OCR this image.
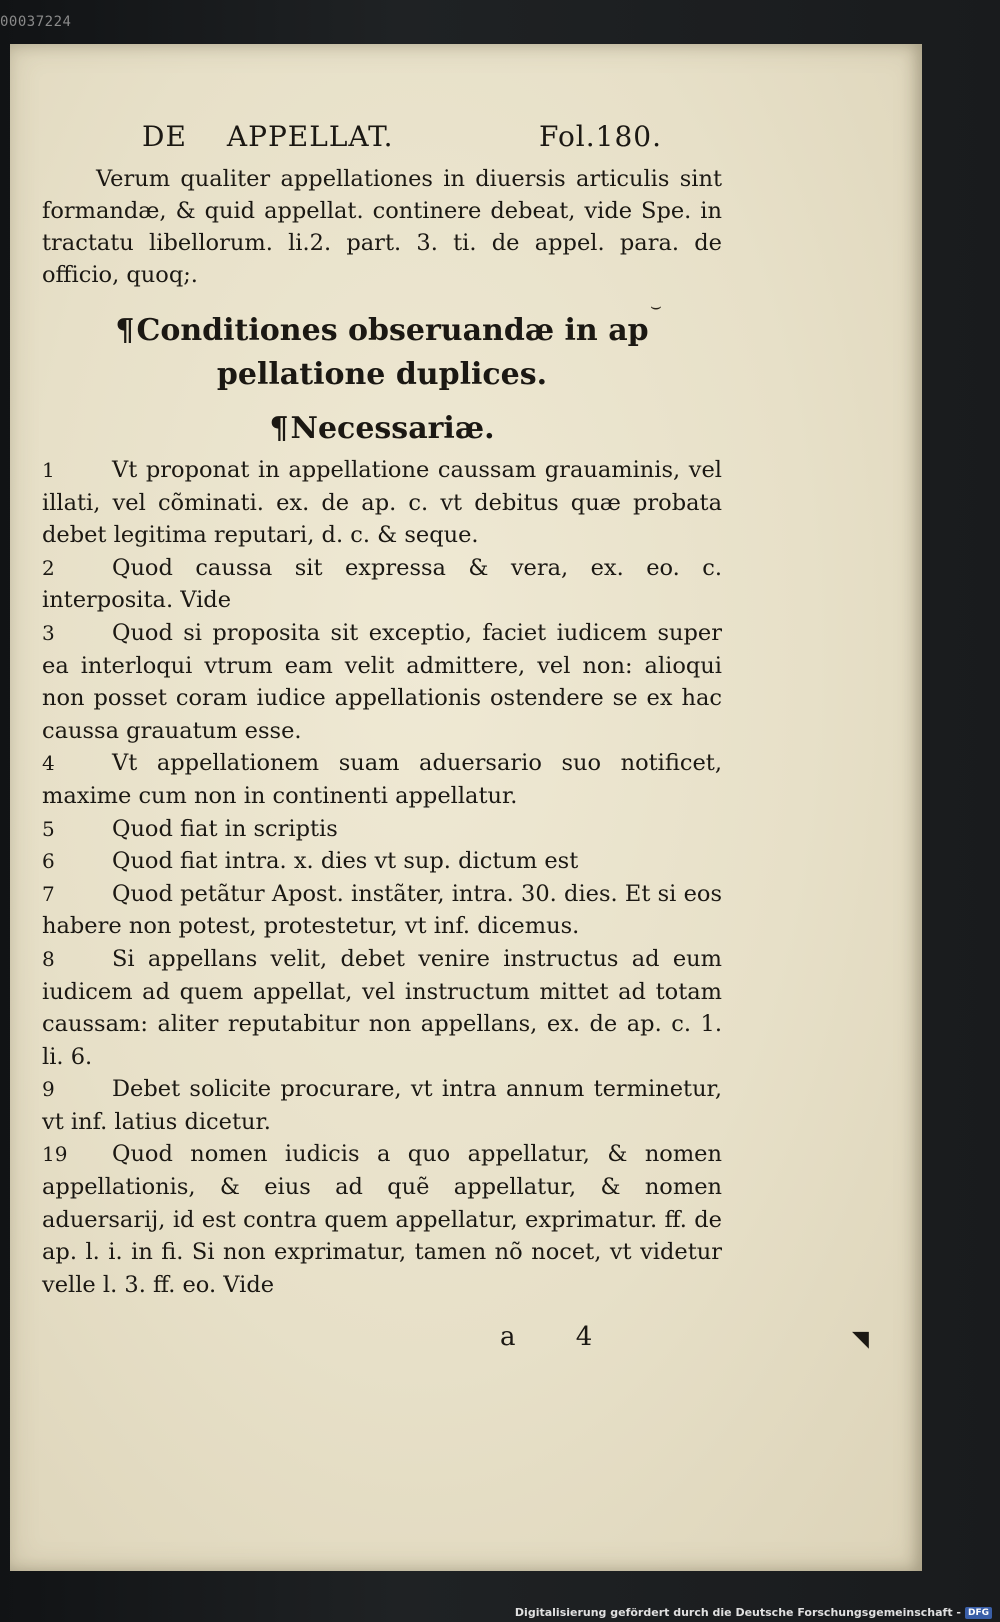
00037224
⌣
DE APPELLAT.	Fol.180.

Verum qualiter appellationes in diuersis articulis sint formandæ, & quid appellat. continere debeat, vide Spe. in tractatu libellorum. li.2. part. 3. ti. de appel. para. de officio, quoq;.

¶Conditiones obseruandæ in ap
pellatione duplices.

¶Necessariæ.

1	Vt proponat in appellatione caussam grauaminis, vel illati, vel cõminati. ex. de ap. c. vt debitus quæ probata debet legitima reputari, d. c. & seque.
2	Quod caussa sit expressa & vera, ex. eo. c. interposita. Vide
3	Quod si proposita sit exceptio, faciet iudicem super ea interloqui vtrum eam velit admittere, vel non: alioqui non posset coram iudice appellationis ostendere se ex hac caussa grauatum esse.
4	Vt appellationem suam aduersario suo notificet, maxime cum non in continenti appellatur.
5	Quod fiat in scriptis
6	Quod fiat intra. x. dies vt sup. dictum est
7	Quod petãtur Apost. instãter, intra. 30. dies. Et si eos habere non potest, protestetur, vt inf. dicemus.
8	Si appellans velit, debet venire instructus ad eum iudicem ad quem appellat, vel instructum mittet ad totam caussam: aliter reputabitur non appellans, ex. de ap. c. 1. li. 6.
9	Debet solicite procurare, vt intra annum terminetur, vt inf. latius dicetur.
19 Quod nomen iudicis a quo appellatur, & nomen appellationis, & eius ad quẽ appellatur, & nomen aduersarij, id est contra quem appellatur, exprimatur. ff. de ap. l. i. in fi. Si non exprimatur, tamen nõ nocet, vt videtur velle l. 3. ff. eo. Vide
a 4	◥
Digitalisierung gefördert durch die Deutsche Forschungsgemeinschaft - DFG
